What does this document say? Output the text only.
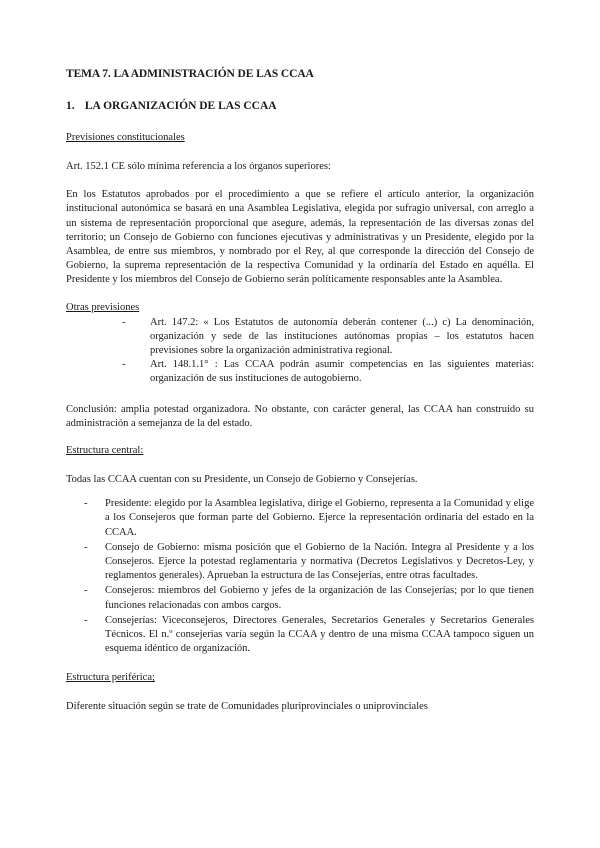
TEMA 7. LA ADMINISTRACIÓN DE LAS CCAA
1. LA ORGANIZACIÓN DE LAS CCAA
Previsiones constitucionales

Art. 152.1 CE sólo mínima referencia a los órganos superiores:

En los Estatutos aprobados por el procedimiento a que se refiere el artículo anterior, la organización institucional autonómica se basará en una Asamblea Legislativa, elegida por sufragio universal, con arreglo a un sistema de representación proporcional que asegure, además, la representación de las diversas zonas del territorio; un Consejo de Gobierno con funciones ejecutivas y administrativas y un Presidente, elegido por la Asamblea, de entre sus miembros, y nombrado por el Rey, al que corresponde la dirección del Consejo de Gobierno, la suprema representación de la respectiva Comunidad y la ordinaria del Estado en aquélla. El Presidente y los miembros del Consejo de Gobierno serán políticamente responsables ante la Asamblea.

Otras previsiones
- Art. 147.2: « Los Estatutos de autonomía deberán contener (...) c) La denominación, organización y sede de las instituciones autónomas propias – los estatutos hacen previsiones sobre la organización administrativa regional.
- Art. 148.1.1° : Las CCAA podrán asumir competencias en las siguientes materias: organización de sus instituciones de autogobierno.

Conclusión: amplia potestad organizadora. No obstante, con carácter general, las CCAA han construido su administración a semejanza de la del estado.

Estructura central:

Todas las CCAA cuentan con su Presidente, un Consejo de Gobierno y Consejerías.

- Presidente: elegido por la Asamblea legislativa, dirige el Gobierno, representa a la Comunidad y elige a los Consejeros que forman parte del Gobierno. Ejerce la representación ordinaria del estado en la CCAA.
- Consejo de Gobierno: misma posición que el Gobierno de la Nación. Integra al Presidente y a los Consejeros. Ejerce la potestad reglamentaria y normativa (Decretos Legislativos y Decretos-Ley, y reglamentos generales). Aprueban la estructura de las Consejerías, entre otras facultades.
- Consejeros: miembros del Gobierno y jefes de la organización de las Consejerías; por lo que tienen funciones relacionadas con ambos cargos.
- Consejerías: Viceconsejeros, Directores Generales, Secretarios Generales y Secretarios Generales Técnicos. El n.º consejerías varía según la CCAA y dentro de una misma CCAA tampoco siguen un esquema idéntico de organización.
Estructura periférica;

Diferente situación según se trate de Comunidades pluriprovinciales o uniprovinciales
